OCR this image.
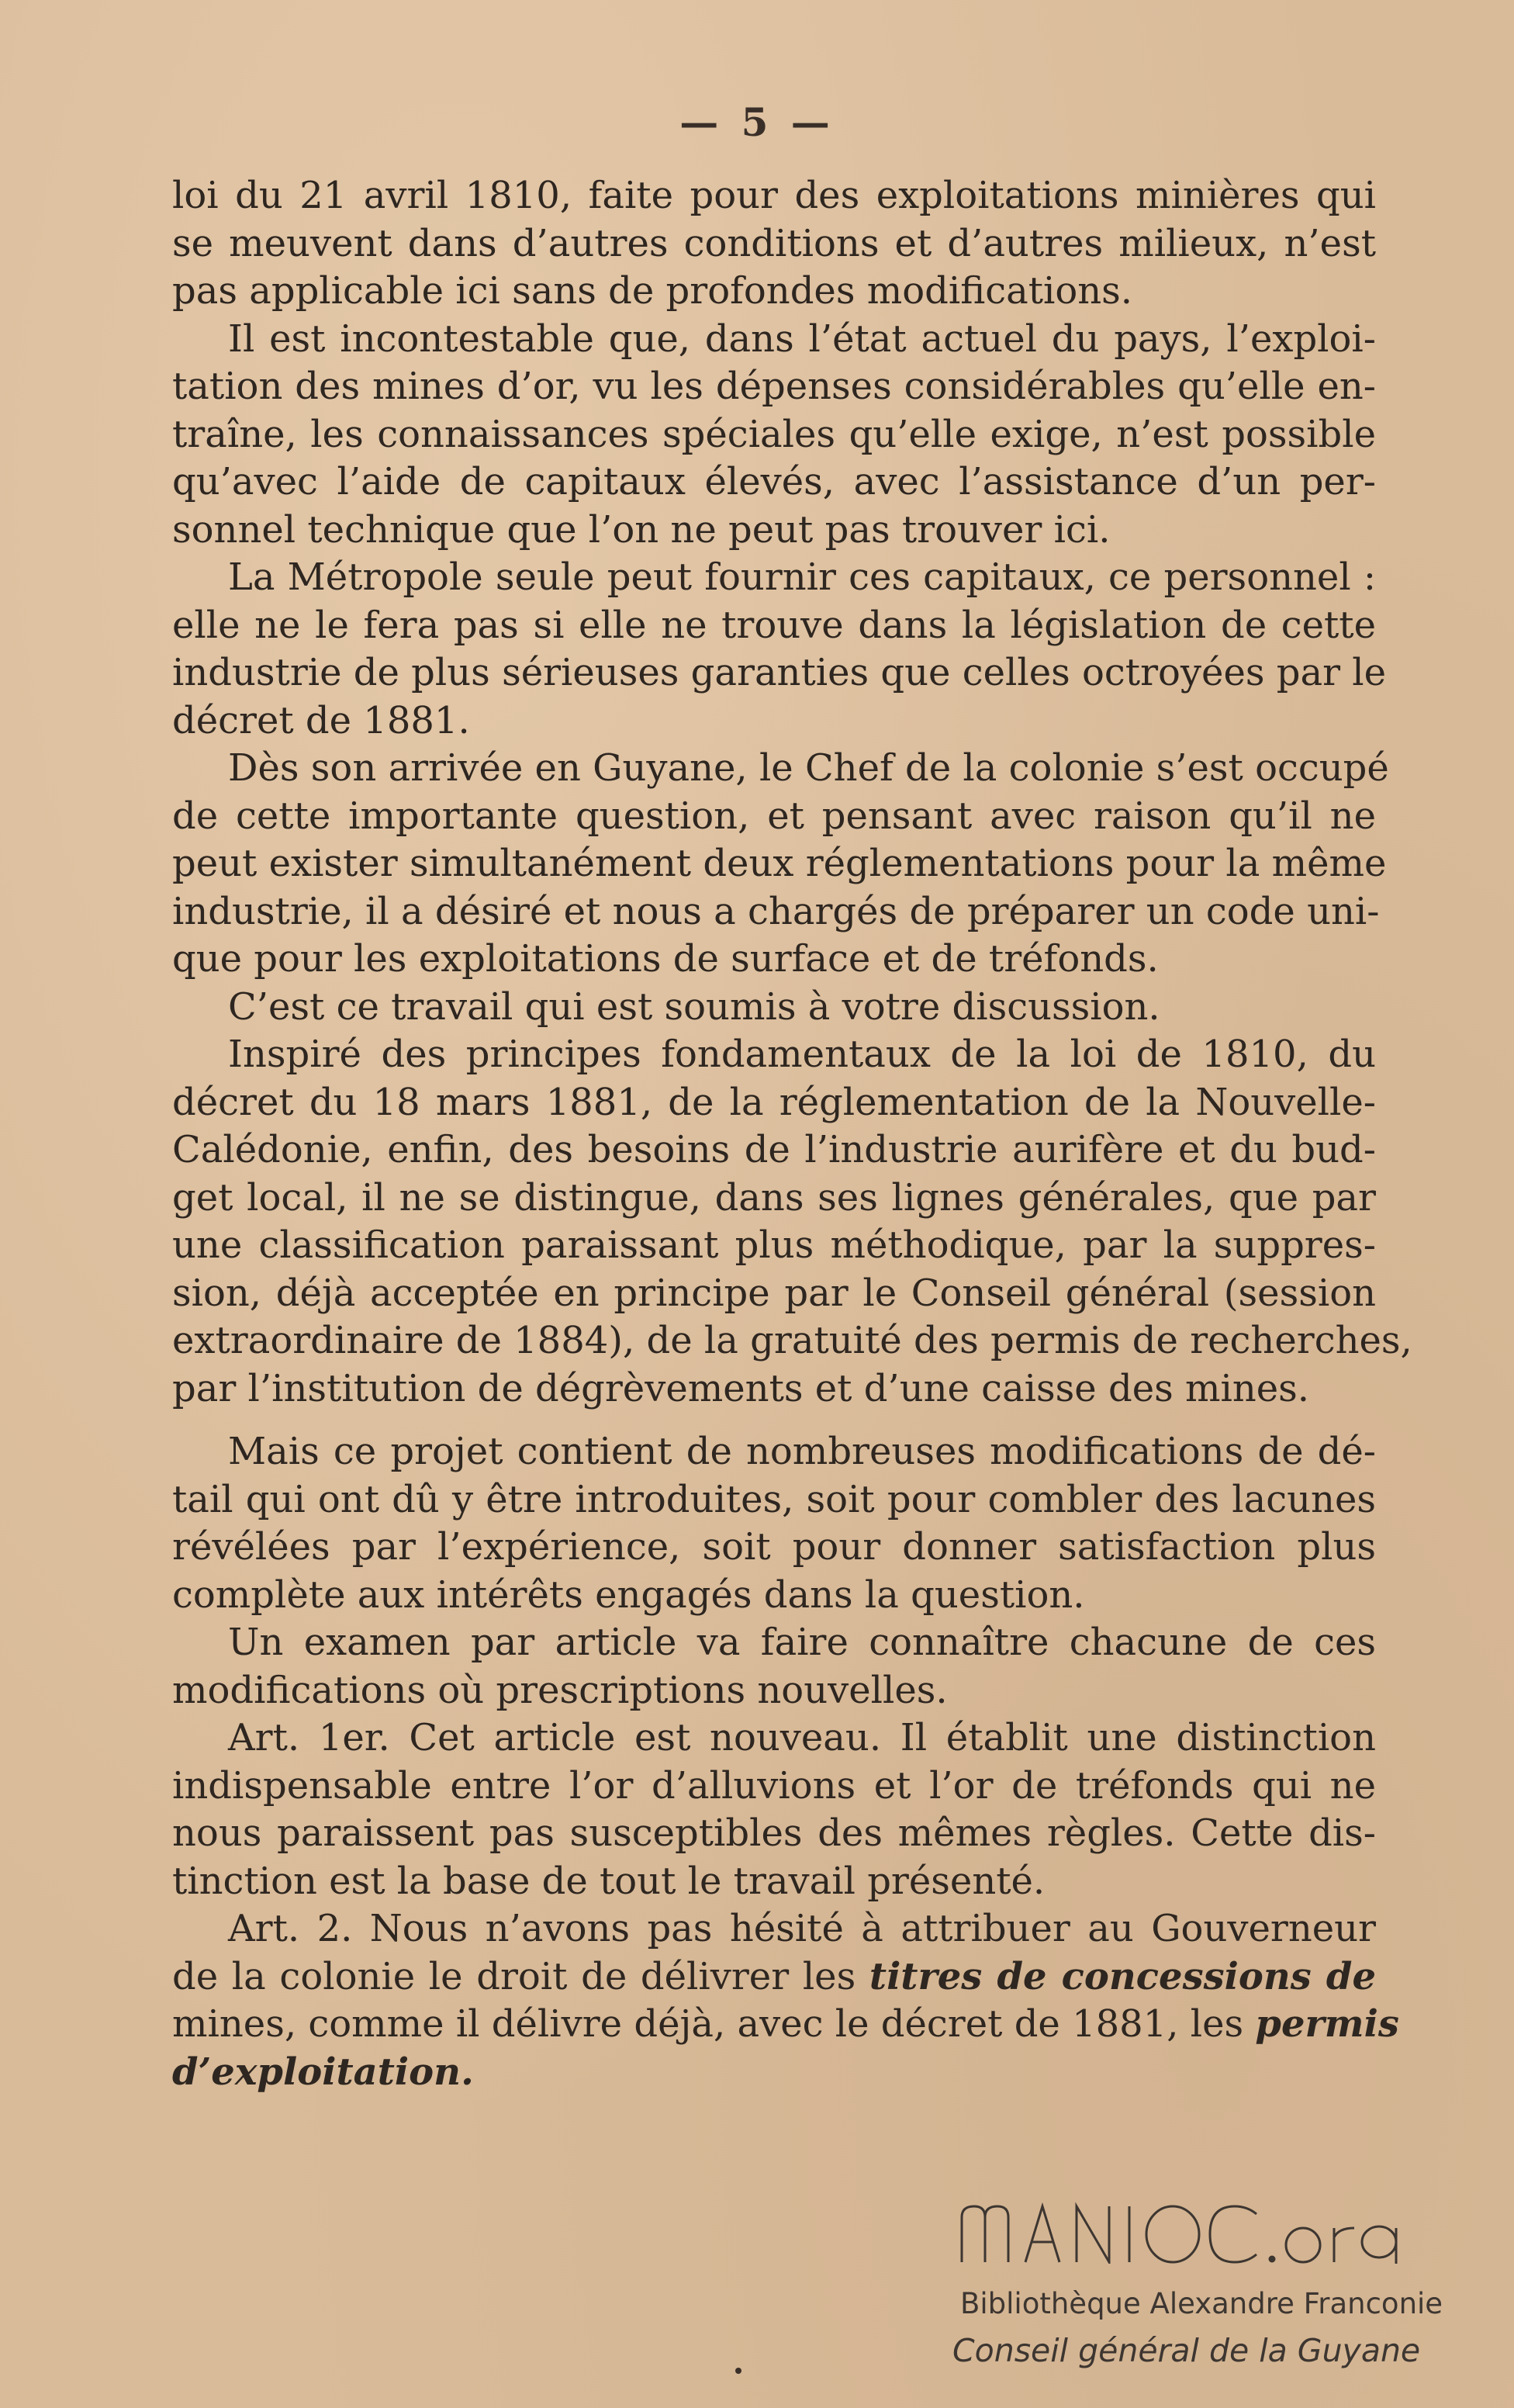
— 5 —
loi du 21 avril 1810, faite pour des exploitations minières qui
se meuvent dans d’autres conditions et d’autres milieux, n’est
pas applicable ici sans de profondes modifications.
Il est incontestable que, dans l’état actuel du pays, l’exploi-
tation des mines d’or, vu les dépenses considérables qu’elle en-
traîne, les connaissances spéciales qu’elle exige, n’est possible
qu’avec l’aide de capitaux élevés, avec l’assistance d’un per-
sonnel technique que l’on ne peut pas trouver ici.
La Métropole seule peut fournir ces capitaux, ce personnel :
elle ne le fera pas si elle ne trouve dans la législation de cette
industrie de plus sérieuses garanties que celles octroyées par le
décret de 1881.
Dès son arrivée en Guyane, le Chef de la colonie s’est occupé
de cette importante question, et pensant avec raison qu’il ne
peut exister simultanément deux réglementations pour la même
industrie, il a désiré et nous a chargés de préparer un code uni-
que pour les exploitations de surface et de tréfonds.
C’est ce travail qui est soumis à votre discussion.
Inspiré des principes fondamentaux de la loi de 1810, du
décret du 18 mars 1881, de la réglementation de la Nouvelle-
Calédonie, enfin, des besoins de l’industrie aurifère et du bud-
get local, il ne se distingue, dans ses lignes générales, que par
une classification paraissant plus méthodique, par la suppres-
sion, déjà acceptée en principe par le Conseil général (session
extraordinaire de 1884), de la gratuité des permis de recherches,
par l’institution de dégrèvements et d’une caisse des mines.
Mais ce projet contient de nombreuses modifications de dé-
tail qui ont dû y être introduites, soit pour combler des lacunes
révélées par l’expérience, soit pour donner satisfaction plus
complète aux intérêts engagés dans la question.
Un examen par article va faire connaître chacune de ces
modifications où prescriptions nouvelles.
Art. 1er. Cet article est nouveau. Il établit une distinction
indispensable entre l’or d’alluvions et l’or de tréfonds qui ne
nous paraissent pas susceptibles des mêmes règles. Cette dis-
tinction est la base de tout le travail présenté.
Art. 2. Nous n’avons pas hésité à attribuer au Gouverneur
de la colonie le droit de délivrer les titres de concessions de
mines, comme il délivre déjà, avec le décret de 1881, les permis
d’exploitation.
Bibliothèque Alexandre Franconie
Conseil général de la Guyane
